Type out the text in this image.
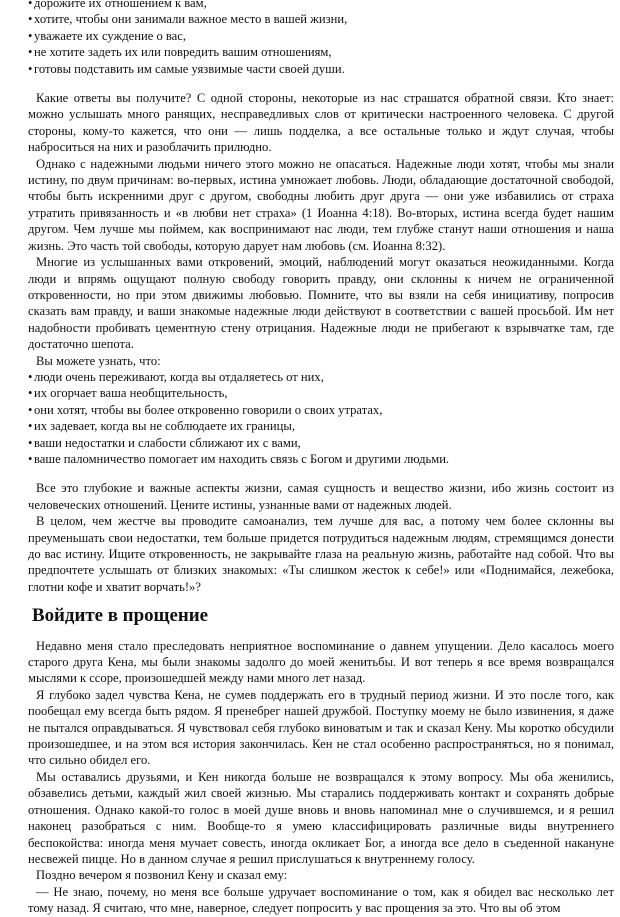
• дорожите их отношением к вам,
• хотите, чтобы они занимали важное место в вашей жизни,
• уважаете их суждение о вас,
• не хотите задеть их или повредить вашим отношениям,
• готовы подставить им самые уязвимые части своей души.

Какие ответы вы получите? С одной стороны, некоторые из нас страшатся обратной связи. Кто знает: можно услышать много ранящих, несправедливых слов от критически настроенного человека. С другой стороны, кому-то кажется, что они — лишь подделка, а все остальные только и ждут случая, чтобы наброситься на них и разоблачить прилюдно.

Однако с надежными людьми ничего этого можно не опасаться. Надежные люди хотят, чтобы мы знали истину, по двум причинам: во-первых, истина умножает любовь. Люди, обладающие достаточной свободой, чтобы быть искренними друг с другом, свободны любить друг друга — они уже избавились от страха утратить привязанность и «в любви нет страха» (1 Иоанна 4:18). Во-вторых, истина всегда будет нашим другом. Чем лучше мы поймем, как воспринимают нас люди, тем глубже станут наши отношения и наша жизнь. Это часть той свободы, которую дарует нам любовь (см. Иоанна 8:32).

Многие из услышанных вами откровений, эмоций, наблюдений могут оказаться неожиданными. Когда люди и впрямь ощущают полную свободу говорить правду, они склонны к ничем не ограниченной откровенности, но при этом движимы любовью. Помните, что вы взяли на себя инициативу, попросив сказать вам правду, и ваши знакомые надежные люди действуют в соответствии с вашей просьбой. Им нет надобности пробивать цементную стену отрицания. Надежные люди не прибегают к взрывчатке там, где достаточно шепота.

Вы можете узнать, что:

• люди очень переживают, когда вы отдаляетесь от них,
• их огорчает ваша необщительность,
• они хотят, чтобы вы более откровенно говорили о своих утратах,
• их задевает, когда вы не соблюдаете их границы,
• ваши недостатки и слабости сближают их с вами,
• ваше паломничество помогает им находить связь с Богом и другими людьми.

Все это глубокие и важные аспекты жизни, самая сущность и вещество жизни, ибо жизнь состоит из человеческих отношений. Цените истины, узнанные вами от надежных людей.

В целом, чем жестче вы проводите самоанализ, тем лучше для вас, а потому чем более склонны вы преуменьшать свои недостатки, тем больше придется потрудиться надежным людям, стремящимся донести до вас истину. Ищите откровенность, не закрывайте глаза на реальную жизнь, работайте над собой. Что вы предпочтете услышать от близких знакомых: «Ты слишком жесток к себе!» или «Поднимайся, лежебока, глотни кофе и хватит ворчать!»?

Войдите в прощение

Недавно меня стало преследовать неприятное воспоминание о давнем упущении. Дело касалось моего старого друга Кена, мы были знакомы задолго до моей женитьбы. И вот теперь я все время возвращался мыслями к ссоре, произошедшей между нами много лет назад.

Я глубоко задел чувства Кена, не сумев поддержать его в трудный период жизни. И это после того, как пообещал ему всегда быть рядом. Я пренебрег нашей дружбой. Поступку моему не было извинения, я даже не пытался оправдываться. Я чувствовал себя глубоко виноватым и так и сказал Кену. Мы коротко обсудили произошедшее, и на этом вся история закончилась. Кен не стал особенно распространяться, но я понимал, что сильно обидел его.

Мы оставались друзьями, и Кен никогда больше не возвращался к этому вопросу. Мы оба женились, обзавелись детьми, каждый жил своей жизнью. Мы старались поддерживать контакт и сохранять добрые отношения. Однако какой-то голос в моей душе вновь и вновь напоминал мне о случившемся, и я решил наконец разобраться с ним. Вообще-то я умею классифицировать различные виды внутреннего беспокойства: иногда меня мучает совесть, иногда окликает Бог, а иногда все дело в съеденной накануне несвежей пицце. Но в данном случае я решил прислушаться к внутреннему голосу.

Поздно вечером я позвонил Кену и сказал ему:

— Не знаю, почему, но меня все больше удручает воспоминание о том, как я обидел вас несколько лет тому назад. Я считаю, что мне, наверное, следует попросить у вас прощения за это. Что вы об этом
